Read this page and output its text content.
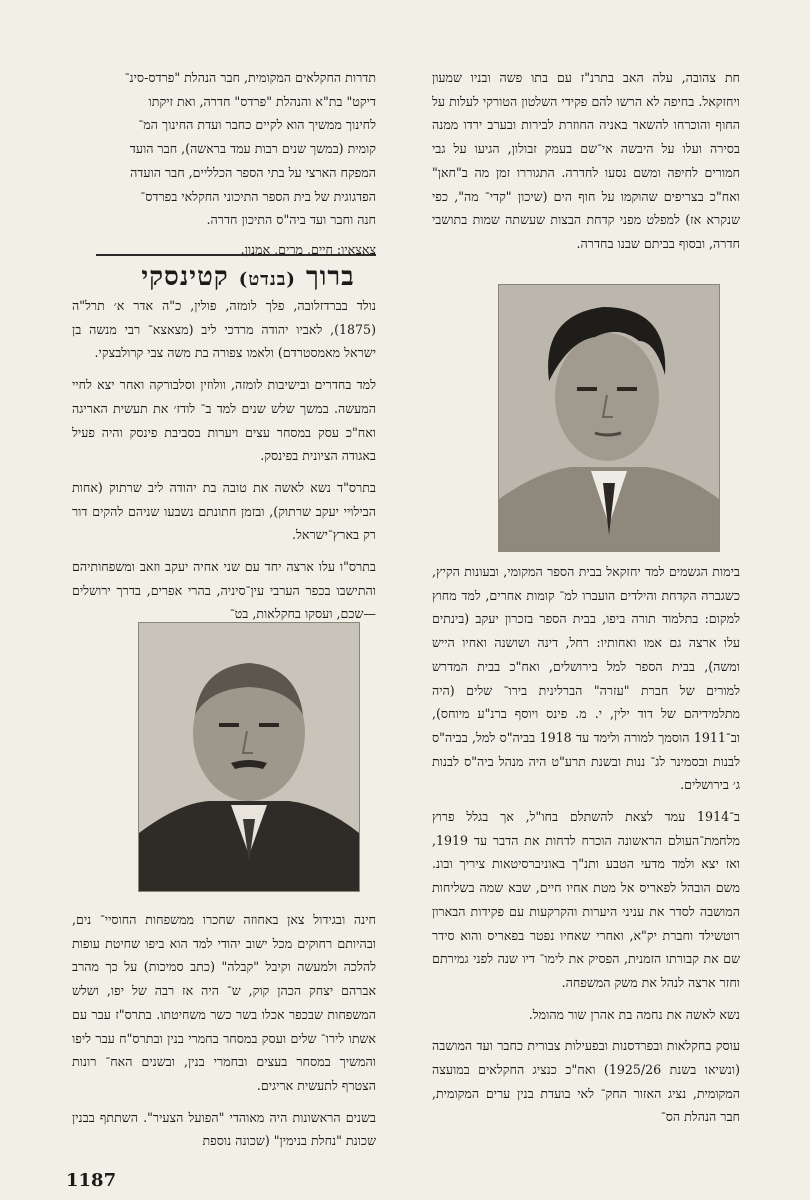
תדרות החקלאים המקומית, חבר הנהלת "פרדס-סינ־

דיקט" בת"א והנהלת "פרדס" חדרה, ואת זיקתו

לחינוך ממשיך הוא לקיים כחבר ועדת החינוך המ־

קומית (במשך שנים רבות עמד בראשה), חבר הועד

המפקח הארצי על בתי הספר הכלליים, חבר הועדה

הפדגוגית של בית הספר התיכוני החקלאי בפרדס־

חנה וחבר ועד ביה"ס התיכון חדרה.

צאצאיו: חיים, מרים, אמנון.

ברוך (בנדט) קטינסקי

נולד בברדזלובה, פלך לומזה, פולין, כ"ה אדר א׳ תרל"ה (1875), לאביו יהודה מרדכי ליב (מצאצא־ רבי מנשה בן ישראל מאמסטרדם) ולאמו צפורה בת משה צבי קרולבצקי.

למד בחדרים ובישיבות לומזה, וולוזין וסלבורקה ואחר יצא לחיי המעשה. במשך שלש שנים למד ב־ לודז׳ את תעשית האריגה ואח"כ עסק במסחר עצים ויערות בסביבת פינסק והיה פעיל באגודה הציונית בפינסק.

בתרס"ד נשא לאשה את טובה בת יהודה ליב שרתוק (אחות הבילויי יעקב שרתוק), ובזמן חתונתם נשבעו שניהם להקים דור רק בארץ־ישראל.

בתרס"ו עלו ארצה יחד עם שני אחיה יעקב וזאב ומשפחותיהם והתישבו בכפר הערבי עין־סיניה, בהרי אפרים, בדרך ירושלים—שכם, ועסקו בחקלאות, בט־

חינה ובגידול צאן באחוזה שחכרו ממשפחות החוסיי־ נים, ובהיותם רחוקים מכל ישוב יהודי למד הוא ביפו שחיטת עופות להלכה ולמעשה וקיבל "קבלה" (כתב סמיכות) על כך מהרב אברהם יצחק הכהן קוק, ש־ היה אז רבה של יפו, ושלש המשפחות שבכפר אכלו בשר כשר משחיטתו. בתרס"ז עבר עם אשתו לירו־ שלים ועסק במסחר בחמרי בנין ובתרס"ח עבר ליפו והמשיך במסחר בעצים ובחמרי בנין, ובשנים האח־ רונות הצטרף לתעשית אריגים.

בשנים הראשונות היה מאוהדי "הפועל הצעיר". השתתף בבנין שכונת "נחלת בנימין" (שכונה נוספת

חת צהובה, עלה האב בתרנ"ז עם בתו פשה ובניו שמעון ויחזקאל. בחיפה לא הרשו להם פקידי השלטון הטורקי לעלות על החוף והוכרחו להשאר באניה החוזרת לבירות ובערב ירדו ממנה בסירה ועלו על היבשה אי־שם בעמק זבולון, הגיעו על גבי חמורים לחיפה ומשם נסעו לחדרה. התגוררו זמן מה ב"חאן" ואח"כ בצריפים שהוקמו על חוף הים (שיכון "קדי־ מה", כפי שנקרא אז) למפלט מפני קדחת הבצות שעשתה שמות בתושבי חדרה, ובסוף בביתם שבנו בחדרה.

בימות הגשמים למד יחזקאל בבית הספר המקומי, ובעונות הקיץ, כשגברה הקדחת והילדים הועברו למ־ קומות אחרים, למד מחוץ למקום: בתלמוד תורה ביפו, בבית הספר בזכרון יעקב (בינתים עלו ארצה גם אמו ואחותיו: רחל, דינה ושושנה ואחיו הייש ומשה), בבית הספר למל בירושלים, ואח"כ בבית המדרש למורים של חברת "עזרה" הברלינית בירו־ שלים (היה מתלמידיהם של דוד ילין, י. מ. פינס ויוסף ברנ"ע מיוחס), וב־1911 הוסמך למורה ולימד עד 1918 בביה"ס למל, בביה"ס לבנות ובסמינר לג־ ננות ובשנת תרע"ט היה מנהל ביה"ס לבנות ג׳ בירושלים.

ב־1914 עמד לצאת להשתלם בחו"ל, אך בגלל פרוץ מלחמת־העולם הראשונה הוכרח לדחות את הדבר עד 1919, ואז יצא ולמד מדעי הטבע ותנ"ך באוניברסיטאות ציריך ובונ. משם הובהל לפאריס אל מטת אחיו חיים, שבא שמה בשליחות המושבה לסדר את עניני היערות והקרקעות עם פקידות הבארון רוטשילד וחברת יק"א, ואחרי שאחיו נפטר בפאריס והוא סידר שם את קבורתו הזמנית, הפסיק את לימו־ דיו שנה לפני גמירתם וחזר ארצה לנהל את משק המשפחה.

נשא לאשה את נחמה בת אהרן שור מהומל.

עוסק בחקלאות ובפרדסנות ובפעילות צבורית כחבר ועד המושבה (ונשיאו בשנת 1925/26) ואח"כ כנציג החקלאים במועצה המקומית, נציג האזור החק־ לאי בועדת בנין ערים המקומית, חבר הנהלת הס־

1187
